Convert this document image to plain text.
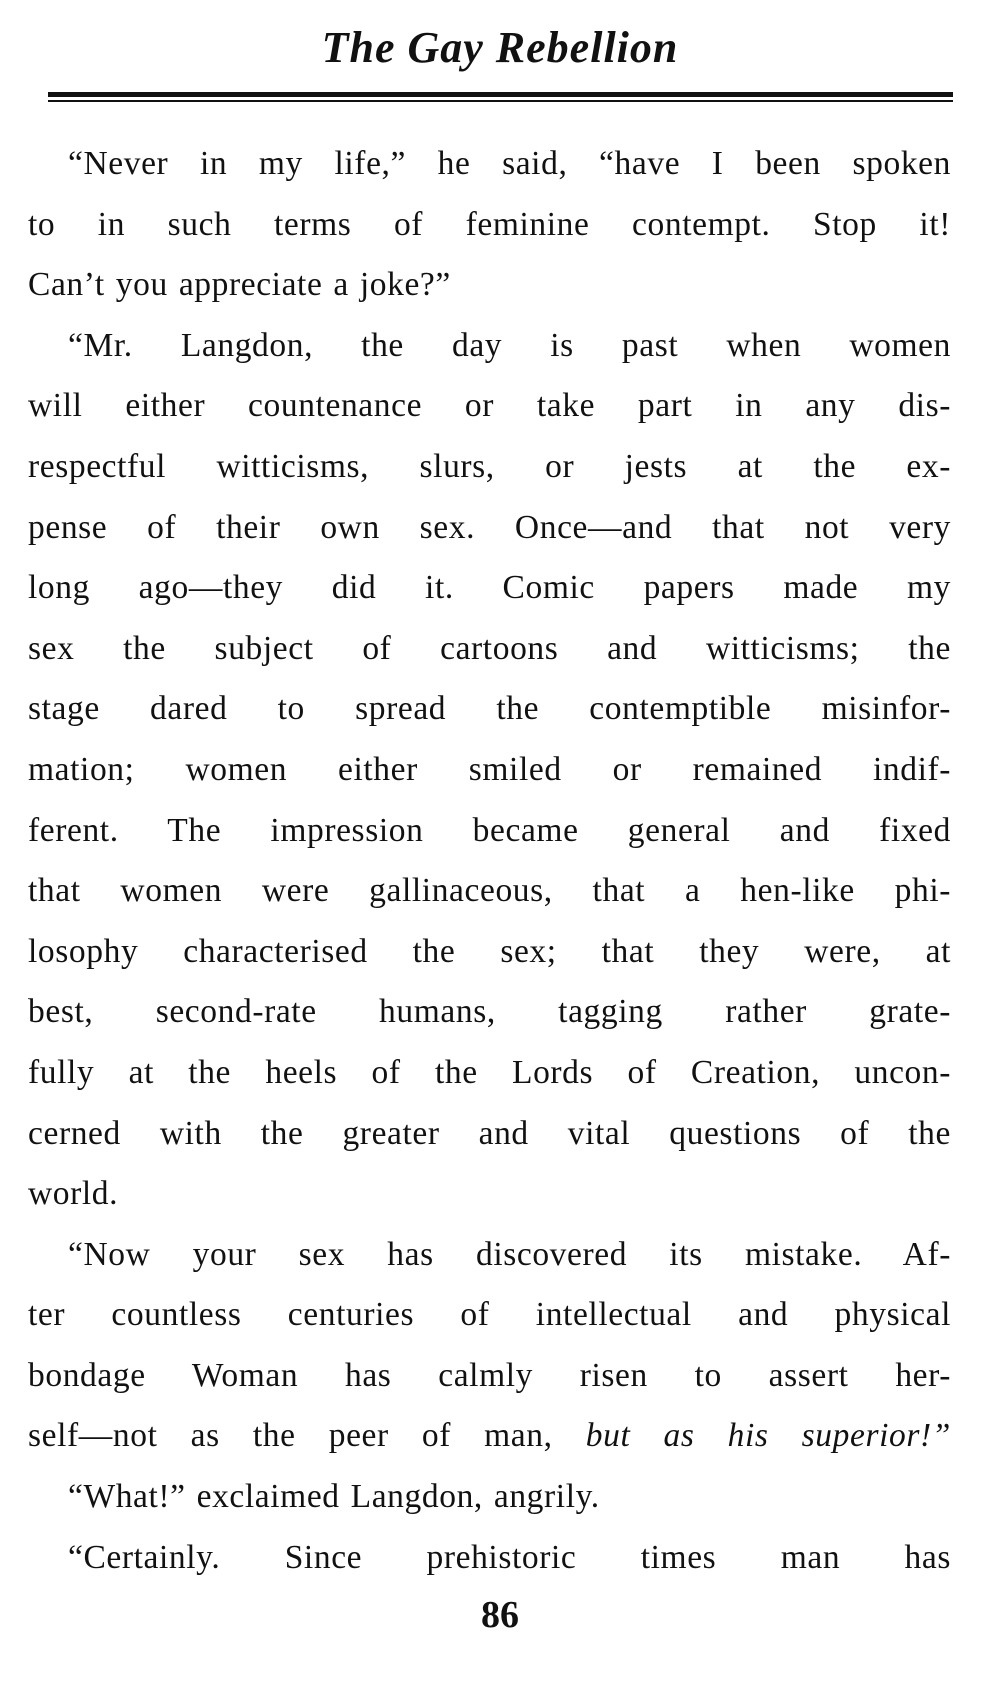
The Gay Rebellion
“Never in my life,” he said, “have I been spoken
to in such terms of feminine contempt. Stop it!
Can’t you appreciate a joke?”
“Mr. Langdon, the day is past when women
will either countenance or take part in any dis-
respectful witticisms, slurs, or jests at the ex-
pense of their own sex. Once—and that not very
long ago—they did it. Comic papers made my
sex the subject of cartoons and witticisms; the
stage dared to spread the contemptible misinfor-
mation; women either smiled or remained indif-
ferent. The impression became general and fixed
that women were gallinaceous, that a hen-like phi-
losophy characterised the sex; that they were, at
best, second-rate humans, tagging rather grate-
fully at the heels of the Lords of Creation, uncon-
cerned with the greater and vital questions of the
world.
“Now your sex has discovered its mistake. Af-
ter countless centuries of intellectual and physical
bondage Woman has calmly risen to assert her-
self—not as the peer of man, but as his superior!”
“What!” exclaimed Langdon, angrily.
“Certainly. Since prehistoric times man has
86
